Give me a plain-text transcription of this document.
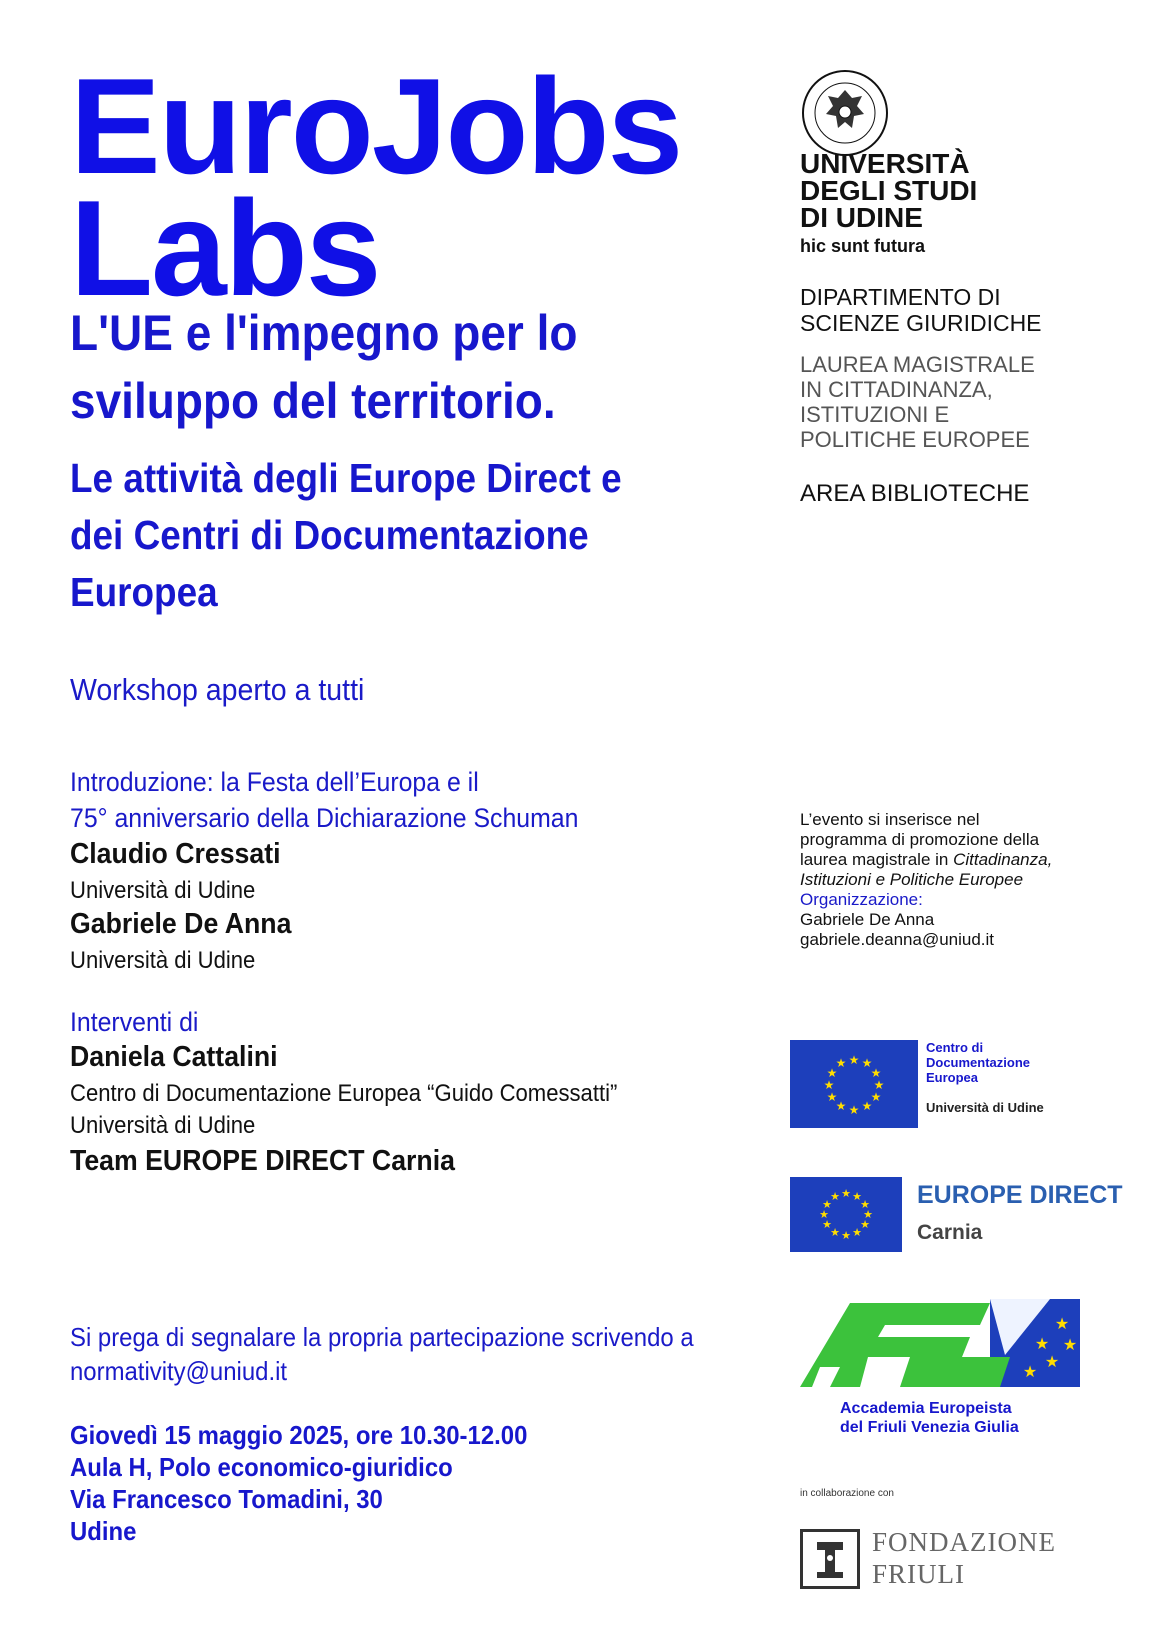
EuroJobs
Labs
L'UE e l'impegno per lo
sviluppo del territorio.
Le attività degli Europe Direct e
dei Centri di Documentazione
Europea
Workshop aperto a tutti
Introduzione: la Festa dell’Europa e il
75° anniversario della Dichiarazione Schuman
Claudio Cressati
Università di Udine
Gabriele De Anna
Università di Udine
Interventi di
Daniela Cattalini
Centro di Documentazione Europea “Guido Comessatti”
Università di Udine
Team EUROPE DIRECT Carnia
Si prega di segnalare la propria partecipazione scrivendo a
normativity@uniud.it
Giovedì 15 maggio 2025, ore 10.30-12.00
Aula H, Polo economico-giuridico
Via Francesco Tomadini, 30
Udine
UNIVERSITÀ
DEGLI STUDI
DI UDINE
hic sunt futura
DIPARTIMENTO DI
SCIENZE GIURIDICHE
LAUREA MAGISTRALE
IN CITTADINANZA,
ISTITUZIONI E
POLITICHE EUROPEE
AREA BIBLIOTECHE
L’evento si inserisce nel
programma di promozione della
laurea magistrale in Cittadinanza,
Istituzioni e Politiche Europee
Organizzazione:
Gabriele De Anna
gabriele.deanna@uniud.it
★ ★
★
★
★
★
★
★
★
★
★
★
Centro di
Documentazione
Europea
Università di Udine
★ ★
★
★
★
★
★
★
★
★
★
★	EUROPE DIRECT
Carnia
★
★
★
★
★
Accademia Europeista
del Friuli Venezia Giulia
in collaborazione con
FONDAZIONE
FRIULI
